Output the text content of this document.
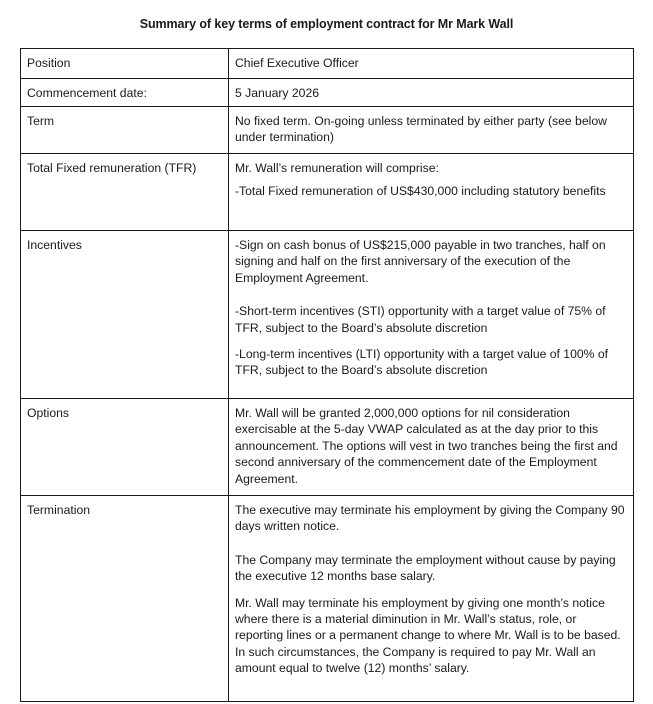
Summary of key terms of employment contract for Mr Mark Wall
Position	Chief Executive Officer

Commencement date:	5 January 2026

Term	No fixed term. On-going unless terminated by either party (see below under termination)

Total Fixed remuneration (TFR)	Mr. Wall’s remuneration will comprise:

-Total Fixed remuneration of US$430,000 including statutory benefits

Incentives	-Sign on cash bonus of US$215,000 payable in two tranches, half on signing and half on the first anniversary of the execution of the Employment Agreement.

-Short-term incentives (STI) opportunity with a target value of 75% of TFR, subject to the Board’s absolute discretion

-Long-term incentives (LTI) opportunity with a target value of 100% of TFR, subject to the Board’s absolute discretion

Options	Mr. Wall will be granted 2,000,000 options for nil consideration exercisable at the 5-day VWAP calculated as at the day prior to this announcement. The options will vest in two tranches being the first and second anniversary of the commencement date of the Employment Agreement.

Termination	The executive may terminate his employment by giving the Company 90 days written notice.

The Company may terminate the employment without cause by paying the executive 12 months base salary.

Mr. Wall may terminate his employment by giving one month’s notice where there is a material diminution in Mr. Wall’s status, role, or reporting lines or a permanent change to where Mr. Wall is to be based. In such circumstances, the Company is required to pay Mr. Wall an amount equal to twelve (12) months’ salary.
